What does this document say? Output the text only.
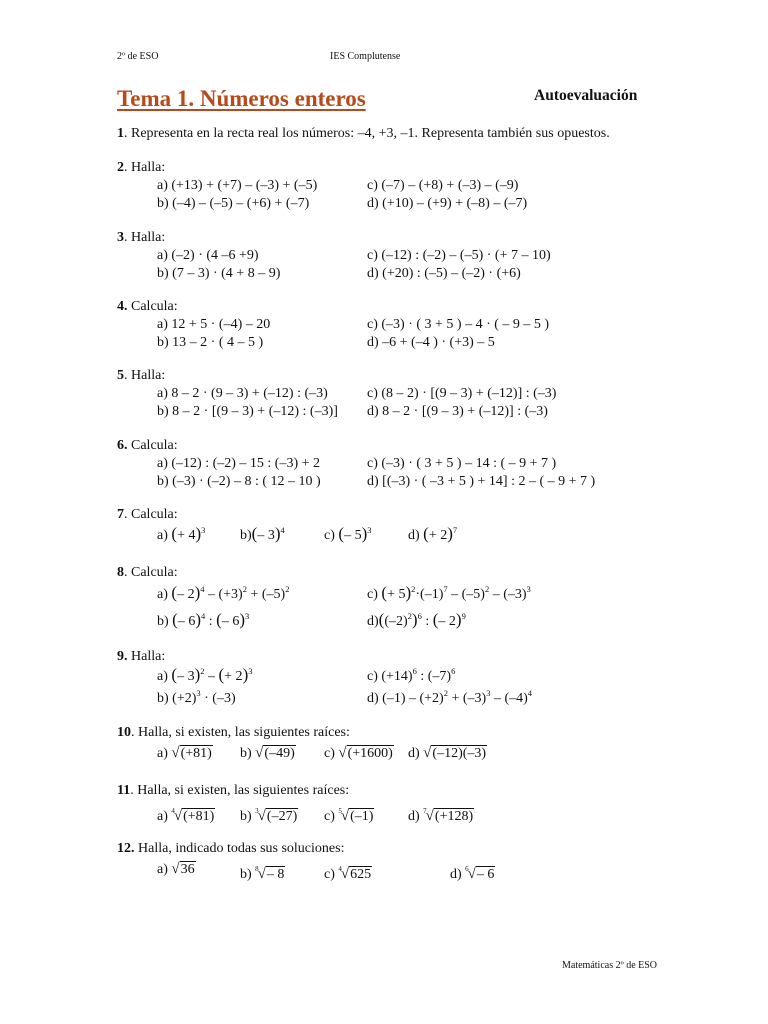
2º de ESO	IES Complutense
Tema 1. Números enteros	Autoevaluación
1. Representa en la recta real los números: –4, +3, –1. Representa también sus opuestos.
2. Halla:
a) (+13) + (+7) – (–3) + (–5)	c) (–7) – (+8) + (–3) – (–9)
b) (–4) – (–5) – (+6) + (–7)	d) (+10) – (+9) + (–8) – (–7)
3. Halla:
a) (–2) · (4 –6 +9)	c) (–12) : (–2) – (–5) · (+ 7 – 10)
b) (7 – 3) · (4 + 8 – 9)	d) (+20) : (–5) – (–2) · (+6)
4. Calcula:
a) 12 + 5 · (–4) – 20	c) (–3) · ( 3 + 5 ) – 4 · ( – 9 – 5 )
b) 13 – 2 · ( 4 – 5 )	d) –6 + (–4 ) · (+3) – 5
5. Halla:
a) 8 – 2 · (9 – 3) + (–12) : (–3)	c) (8 – 2) · [(9 – 3) + (–12)] : (–3)
b) 8 – 2 · [(9 – 3) + (–12) : (–3)] d) 8 – 2 · [(9 – 3) + (–12)] : (–3)
6. Calcula:
a) (–12) : (–2) – 15 : (–3) + 2	c) (–3) · ( 3 + 5 ) – 14 : ( – 9 + 7 )
b) (–3) · (–2) – 8 : ( 12 – 10 )	d) [(–3) · ( –3 + 5 ) + 14] : 2 – ( – 9 + 7 )
7. Calcula:
a) (+ 4)$^3$ b)(– 3)$^4$	c) (– 5)$^3$	d) (+ 2)$^7$
8. Calcula:
a) (– $2)^4 - (+3)^2 + (-5)^2$	c) (+ $5)^2\cdot(-1)^7 - (-5)^2 - (-3)^3$
b) (– 6)$^4$ : (– 6)$^3$	$d)((-2)^2)^6$ : (– 2)$^9$
9. Halla:
a) (– 3)$^2$ – (+ 2)$^3$	c) $(+14)^6$ : $(-7)^6$
b) $(+2)^3 \cdot (-3)$	d) $(-1) - (+2)^2 + (-3)^3 - (-4)^4$
10. Halla, si existen, las siguientes raíces:
a) √(+81) b) √(–49) c) √(+1600) d) √(–12)(–3)
11. Halla, si existen, las siguientes raíces:
a) $^4$√(+81) b) $^3$√(–27) c) $^5$√(–1) d) $^7$√(+128)
12. Halla, indicado todas sus soluciones:
a) √36	b) $^8$√– 8	c) $^4$√625	d) $^6$√– 6
Matemáticas 2º de ESO
